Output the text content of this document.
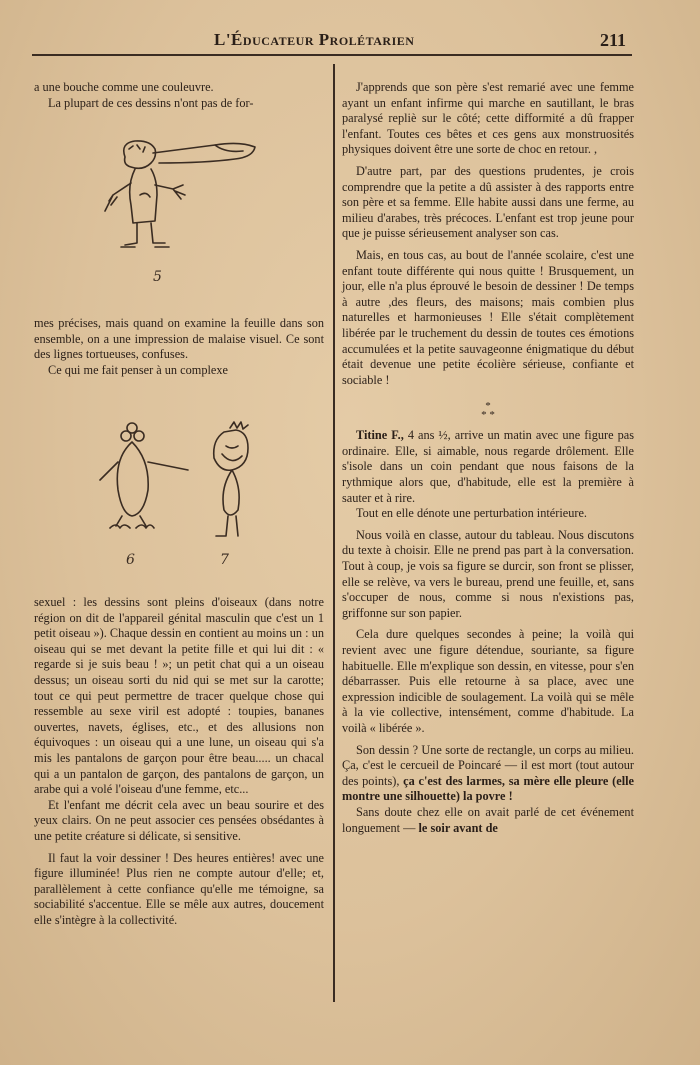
L'Éducateur Prolétarien	211

a une bouche comme une couleuvre.

La plupart de ces dessins n'ont pas de for-

5

mes précises, mais quand on examine la feuille dans son ensemble, on a une impression de malaise visuel. Ce sont des lignes tortueuses, confuses.

Ce qui me fait penser à un complexe

6	7

sexuel : les dessins sont pleins d'oiseaux (dans notre région on dit de l'appareil génital masculin que c'est un 1 petit oiseau »). Chaque dessin en contient au moins un : un oiseau qui se met devant la petite fille et qui lui dit : « regarde si je suis beau ! »; un petit chat qui a un oiseau dessus; un oiseau sorti du nid qui se met sur la carotte; tout ce qui peut permettre de tracer quelque chose qui ressemble au sexe viril est adopté : toupies, bananes ouvertes, navets, églises, etc., et des allusions non équivoques : un oiseau qui a une lune, un oiseau qui s'a mis les pantalons de garçon pour être beau..... un chacal qui a un pantalon de garçon, des pantalons de garçon, un arabe qui a volé l'oiseau d'une femme, etc...

Et l'enfant me décrit cela avec un beau sourire et des yeux clairs. On ne peut associer ces pensées obsédantes à une petite créature si délicate, si sensitive.

Il faut la voir dessiner ! Des heures entières! avec une figure illuminée! Plus rien ne compte autour d'elle; et, parallèlement à cette confiance qu'elle me témoigne, sa sociabilité s'accentue. Elle se mêle aux autres, doucement elle s'intègre à la collectivité.

J'apprends que son père s'est remarié avec une femme ayant un enfant infirme qui marche en sautillant, le bras paralysé repliè sur le côté; cette difformité a dû frapper l'enfant. Toutes ces bêtes et ces gens aux monstruosités physiques doivent être une sorte de choc en retour. ,

D'autre part, par des questions prudentes, je crois comprendre que la petite a dû assister à des rapports entre son père et sa femme. Elle habite aussi dans une ferme, au milieu d'arabes, très précoces. L'enfant est trop jeune pour que je puisse sérieusement analyser son cas.

Mais, en tous cas, au bout de l'année scolaire, c'est une enfant toute différente qui nous quitte ! Brusquement, un jour, elle n'a plus éprouvé le besoin de dessiner ! De temps à autre ,des fleurs, des maisons; mais combien plus naturelles et harmonieuses ! Elle s'était complètement libérée par le truchement du dessin de toutes ces émotions accumulées et la petite sauvageonne énigmatique du début était devenue une petite écolière sérieuse, confiante et sociable !

*
* *

Titine F., 4 ans ½, arrive un matin avec une figure pas ordinaire. Elle, si aimable, nous regarde drôlement. Elle s'isole dans un coin pendant que nous faisons de la rythmique alors que, d'habitude, elle est la première à sauter et à rire.

Tout en elle dénote une perturbation intérieure.

Nous voilà en classe, autour du tableau. Nous discutons du texte à choisir. Elle ne prend pas part à la conversation. Tout à coup, je vois sa figure se durcir, son front se plisser, elle se relève, va vers le bureau, prend une feuille, et, sans s'occuper de nous, comme si nous n'existions pas, griffonne sur son papier.

Cela dure quelques secondes à peine; la voilà qui revient avec une figure détendue, souriante, sa figure habituelle. Elle m'explique son dessin, en vitesse, pour s'en débarrasser. Puis elle retourne à sa place, avec une expression indicible de soulagement. La voilà qui se mêle à la vie collective, intensément, comme d'habitude. La voilà « libérée ».

Son dessin ? Une sorte de rectangle, un corps au milieu. Ça, c'est le cercueil de Poincaré — il est mort (tout autour des points), ça c'est des larmes, sa mère elle pleure (elle montre une silhouette) la povre !

Sans doute chez elle on avait parlé de cet événement longuement — le soir avant de
